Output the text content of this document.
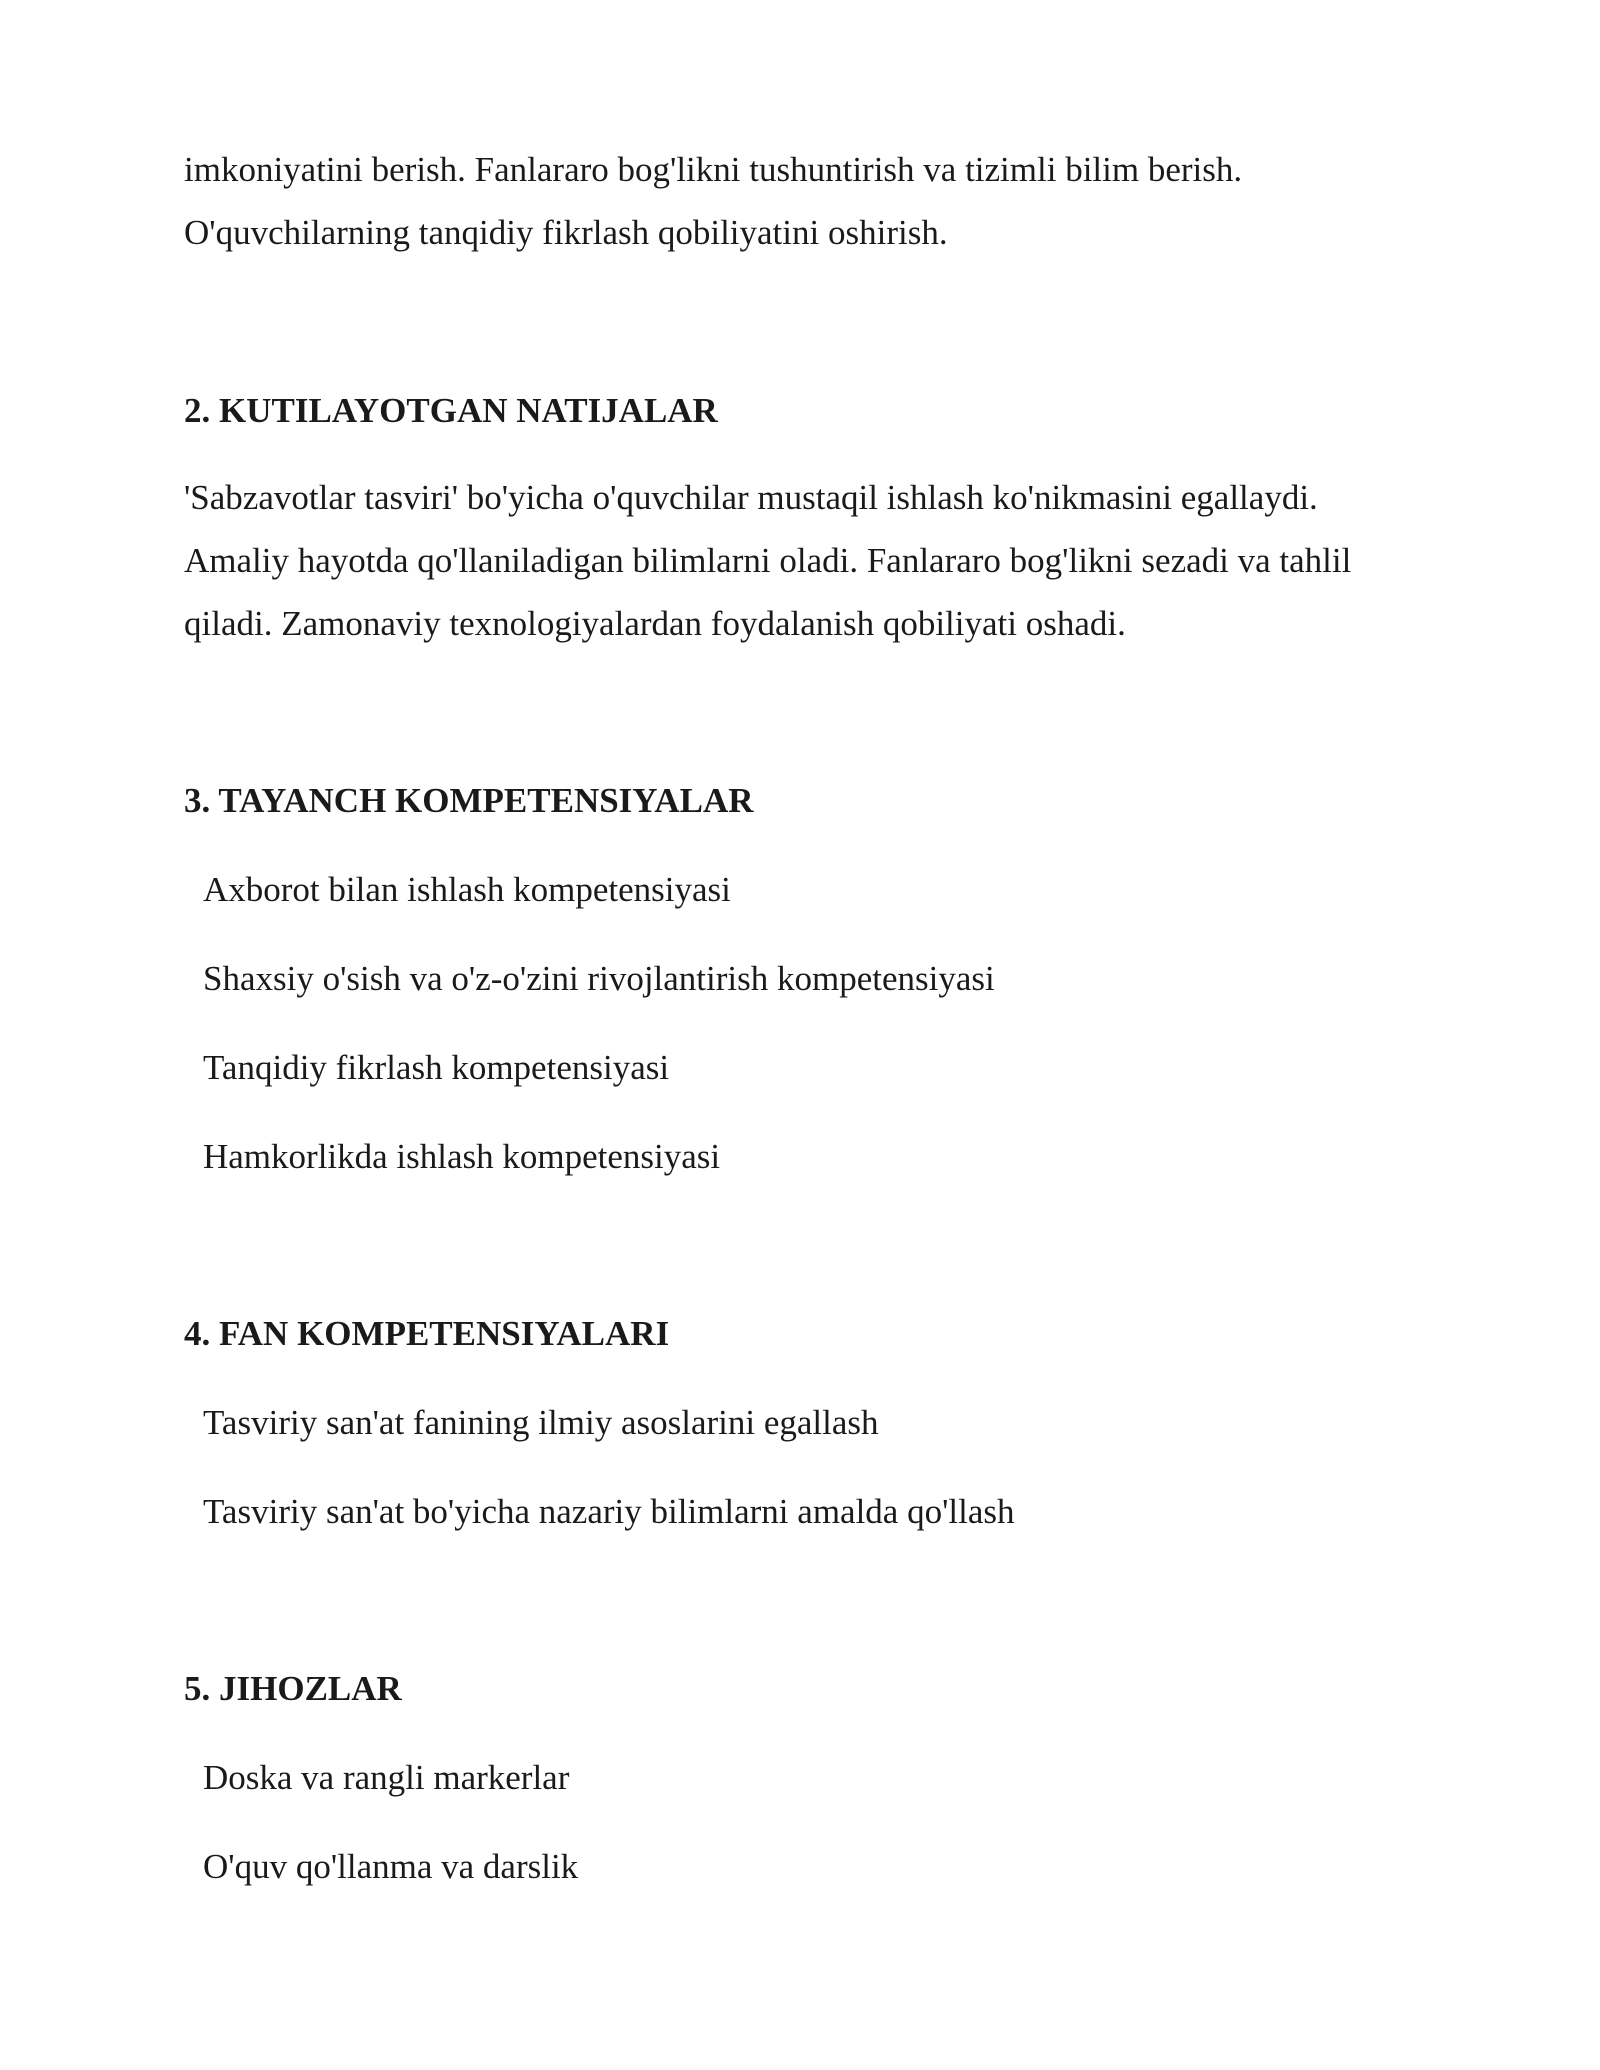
imkoniyatini berish. Fanlararo bog'likni tushuntirish va tizimli bilim berish.
O'quvchilarning tanqidiy fikrlash qobiliyatini oshirish.
2. KUTILAYOTGAN NATIJALAR
'Sabzavotlar tasviri' bo'yicha o'quvchilar mustaqil ishlash ko'nikmasini egallaydi.
Amaliy hayotda qo'llaniladigan bilimlarni oladi. Fanlararo bog'likni sezadi va tahlil
qiladi. Zamonaviy texnologiyalardan foydalanish qobiliyati oshadi.
3. TAYANCH KOMPETENSIYALAR
Axborot bilan ishlash kompetensiyasi
Shaxsiy o'sish va o'z-o'zini rivojlantirish kompetensiyasi
Tanqidiy fikrlash kompetensiyasi
Hamkorlikda ishlash kompetensiyasi
4. FAN KOMPETENSIYALARI
Tasviriy san'at fanining ilmiy asoslarini egallash
Tasviriy san'at bo'yicha nazariy bilimlarni amalda qo'llash
5. JIHOZLAR
Doska va rangli markerlar
O'quv qo'llanma va darslik
